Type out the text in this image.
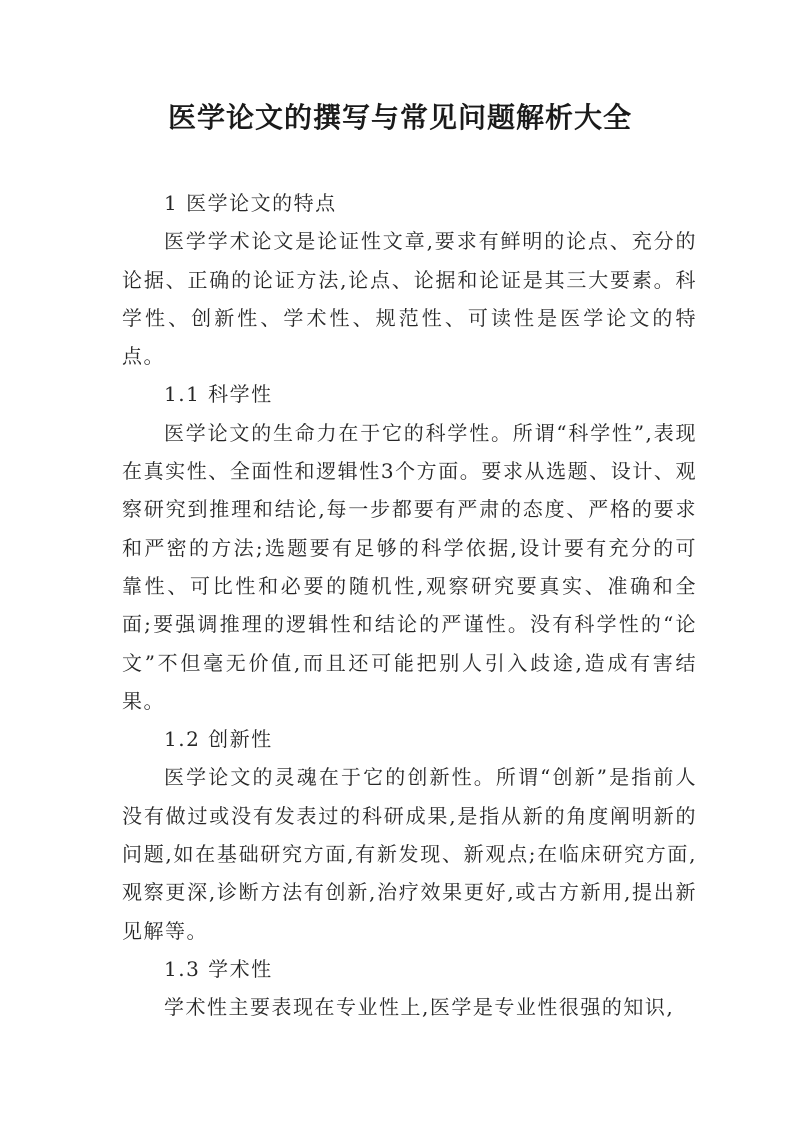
医学论文的撰写与常见问题解析大全

1 医学论文的特点

医学学术论文是论证性文章,要求有鲜明的论点、充分的论据、正确的论证方法,论点、论据和论证是其三大要素。科学性、创新性、学术性、规范性、可读性是医学论文的特点。

1.1 科学性

医学论文的生命力在于它的科学性。所谓“科学性”,表现在真实性、全面性和逻辑性3个方面。要求从选题、设计、观察研究到推理和结论,每一步都要有严肃的态度、严格的要求和严密的方法;选题要有足够的科学依据,设计要有充分的可靠性、可比性和必要的随机性,观察研究要真实、准确和全面;要强调推理的逻辑性和结论的严谨性。没有科学性的“论文”不但毫无价值,而且还可能把别人引入歧途,造成有害结果。

1.2 创新性

医学论文的灵魂在于它的创新性。所谓“创新”是指前人没有做过或没有发表过的科研成果,是指从新的角度阐明新的问题,如在基础研究方面,有新发现、新观点;在临床研究方面,观察更深,诊断方法有创新,治疗效果更好,或古方新用,提出新见解等。

1.3 学术性

学术性主要表现在专业性上,医学是专业性很强的知识,
